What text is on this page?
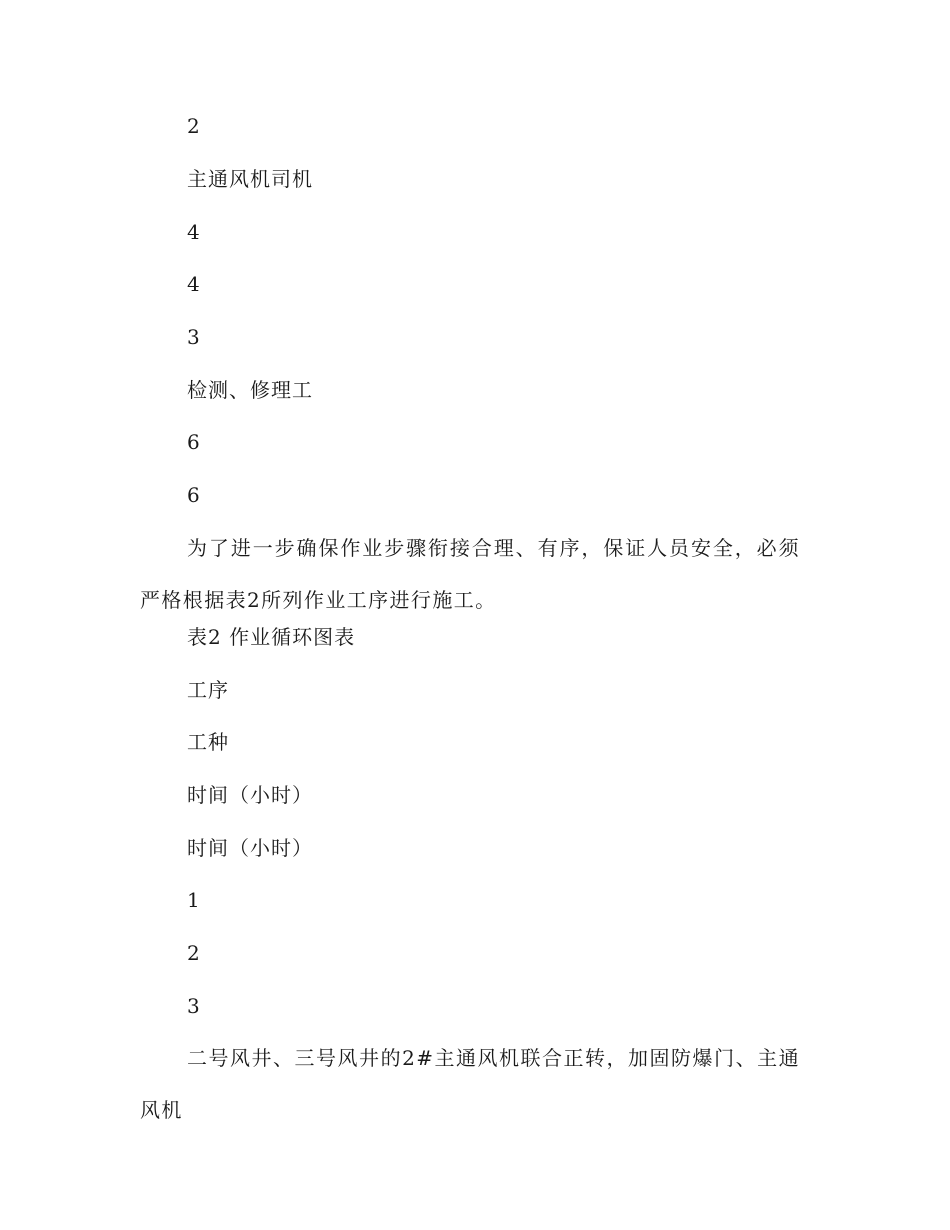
2
主通风机司机
4
4
3
检测、修理工
6
6
为了进一步确保作业步骤衔接合理、有序，保证人员安全，必须严格根据表2所列作业工序进行施工。
表2 作业循环图表
工序
工种
时间（小时）
时间（小时）
1
2
3
二号风井、三号风井的2#主通风机联合正转，加固防爆门、主通风机
